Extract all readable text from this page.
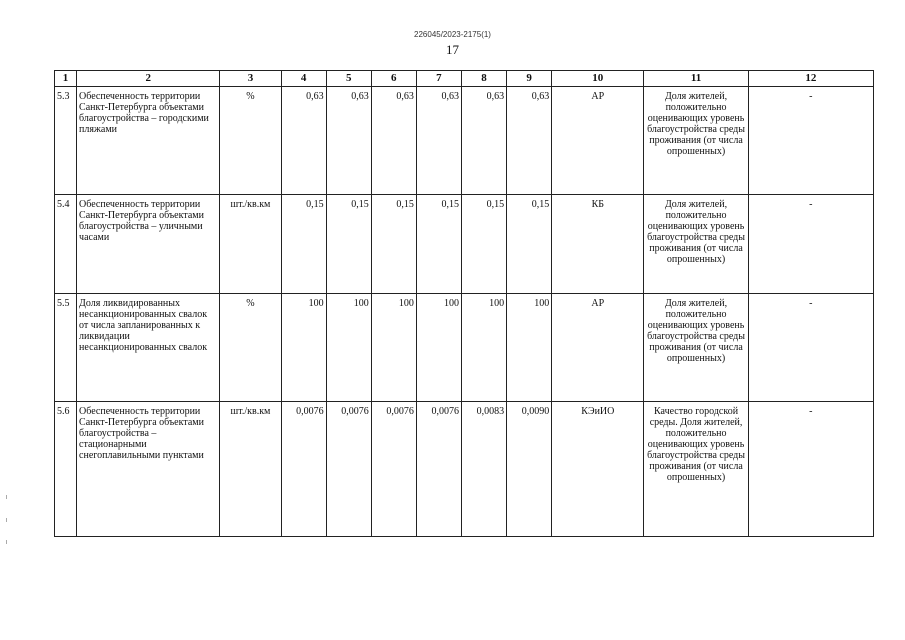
226045/2023-2175(1)
17
1	2	3	4	5	6	7	8	9	10	11	12
5.3	Обеспеченность территории Санкт-Петербурга объектами благоустройства – городскими пляжами	%	0,63	0,63	0,63	0,63	0,63	0,63	АР	Доля жителей, положительно оценивающих уровень благоустройства среды проживания (от числа опрошенных)	-
5.4	Обеспеченность территории Санкт-Петербурга объектами благоустройства – уличными часами	шт./кв.км	0,15	0,15	0,15	0,15	0,15	0,15	КБ	Доля жителей, положительно оценивающих уровень благоустройства среды проживания (от числа опрошенных)	-
5.5	Доля ликвидированных несанкционированных свалок от числа запланированных к ликвидации несанкционированных свалок	%	100	100	100	100	100	100	АР	Доля жителей, положительно оценивающих уровень благоустройства среды проживания (от числа опрошенных)	-
5.6	Обеспеченность территории Санкт-Петербурга объектами благоустройства – стационарными снегоплавильными пунктами	шт./кв.км	0,0076	0,0076	0,0076	0,0076	0,0083	0,0090	КЭиИО	Качество городской среды. Доля жителей, положительно оценивающих уровень благоустройства среды проживания (от числа опрошенных)	-
